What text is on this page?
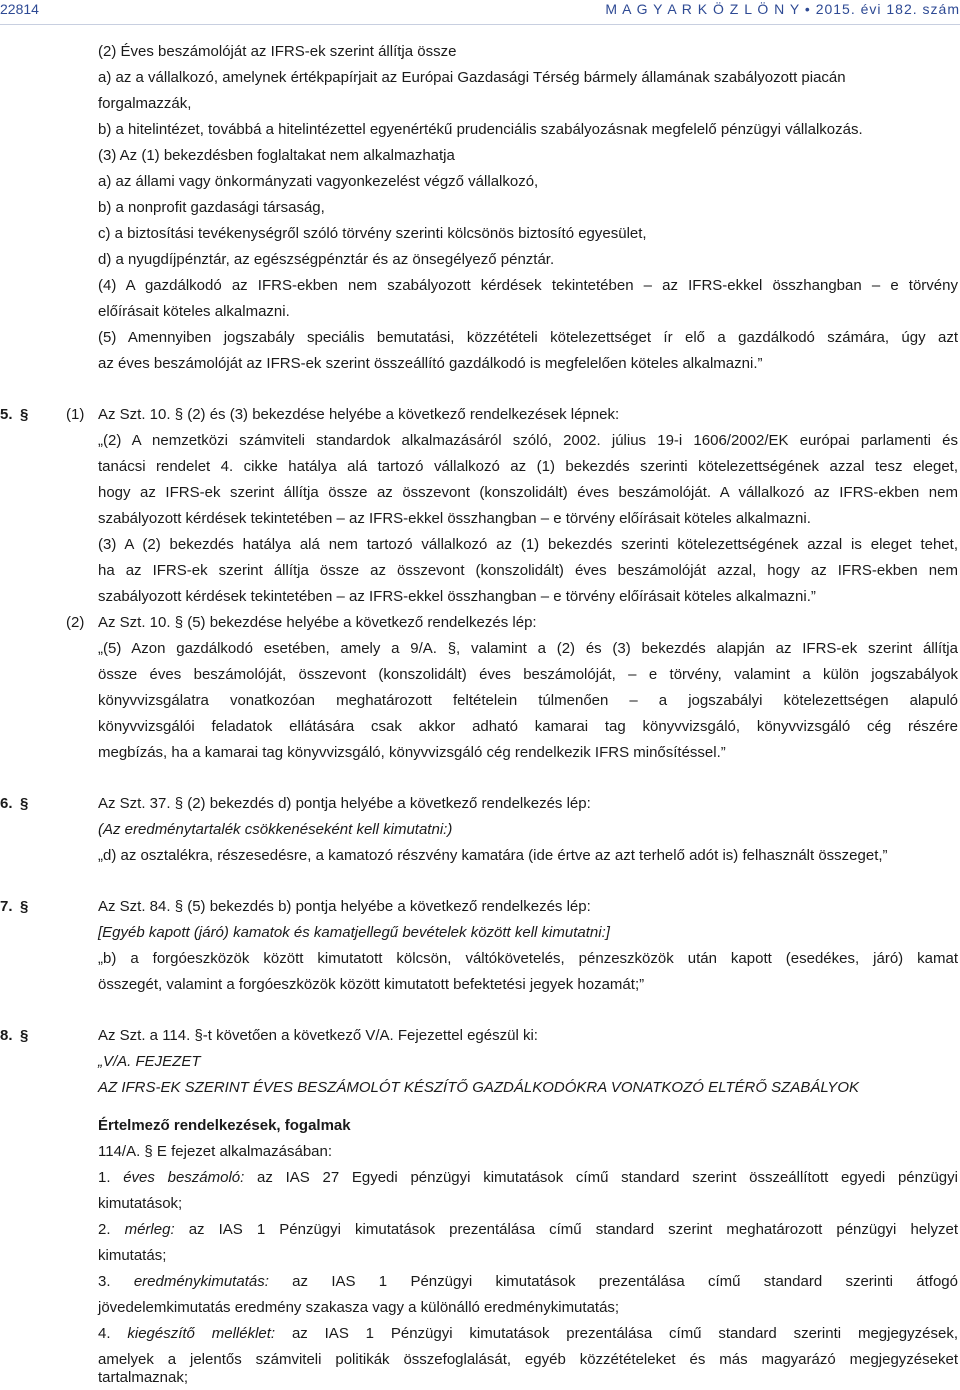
22814	M A G Y A R K Ö Z L Ö N Y • 2015. évi 182. szám
(2) Éves beszámolóját az IFRS-ek szerint állítja össze
a) az a vállalkozó, amelynek értékpapírjait az Európai Gazdasági Térség bármely államának szabályozott piacán
forgalmazzák,
b) a hitelintézet, továbbá a hitelintézettel egyenértékű prudenciális szabályozásnak megfelelő pénzügyi vállalkozás.
(3) Az (1) bekezdésben foglaltakat nem alkalmazhatja
a) az állami vagy önkormányzati vagyonkezelést végző vállalkozó,
b) a nonprofit gazdasági társaság,
c) a biztosítási tevékenységről szóló törvény szerinti kölcsönös biztosító egyesület,
d) a nyugdíjpénztár, az egészségpénztár és az önsegélyező pénztár.
(4) A gazdálkodó az IFRS-ekben nem szabályozott kérdések tekintetében – az IFRS-ekkel összhangban – e törvény
előírásait köteles alkalmazni.
(5) Amennyiben jogszabály speciális bemutatási, közzétételi kötelezettséget ír elő a gazdálkodó számára, úgy azt
az éves beszámolóját az IFRS-ek szerint összeállító gazdálkodó is megfelelően köteles alkalmazni.”
5. §	(1) Az Szt. 10. § (2) és (3) bekezdése helyébe a következő rendelkezések lépnek:
„(2) A nemzetközi számviteli standardok alkalmazásáról szóló, 2002. július 19-i 1606/2002/EK európai parlamenti és
tanácsi rendelet 4. cikke hatálya alá tartozó vállalkozó az (1) bekezdés szerinti kötelezettségének azzal tesz eleget,
hogy az IFRS-ek szerint állítja össze az összevont (konszolidált) éves beszámolóját. A vállalkozó az IFRS-ekben nem
szabályozott kérdések tekintetében – az IFRS-ekkel összhangban – e törvény előírásait köteles alkalmazni.
(3) A (2) bekezdés hatálya alá nem tartozó vállalkozó az (1) bekezdés szerinti kötelezettségének azzal is eleget tehet,
ha az IFRS-ek szerint állítja össze az összevont (konszolidált) éves beszámolóját azzal, hogy az IFRS-ekben nem
szabályozott kérdések tekintetében – az IFRS-ekkel összhangban – e törvény előírásait köteles alkalmazni.”
(2) Az Szt. 10. § (5) bekezdése helyébe a következő rendelkezés lép:
„(5) Azon gazdálkodó esetében, amely a 9/A. §, valamint a (2) és (3) bekezdés alapján az IFRS-ek szerint állítja
össze éves beszámolóját, összevont (konszolidált) éves beszámolóját, – e törvény, valamint a külön jogszabályok
könyvvizsgálatra vonatkozóan meghatározott feltételein túlmenően – a jogszabályi kötelezettségen alapuló
könyvvizsgálói feladatok ellátására csak akkor adható kamarai tag könyvvizsgáló, könyvvizsgáló cég részére
megbízás, ha a kamarai tag könyvvizsgáló, könyvvizsgáló cég rendelkezik IFRS minősítéssel.”
6. §	Az Szt. 37. § (2) bekezdés d) pontja helyébe a következő rendelkezés lép:
(Az eredménytartalék csökkenéseként kell kimutatni:)
„d) az osztalékra, részesedésre, a kamatozó részvény kamatára (ide értve az azt terhelő adót is) felhasznált összeget,”
7. §	Az Szt. 84. § (5) bekezdés b) pontja helyébe a következő rendelkezés lép:
[Egyéb kapott (járó) kamatok és kamatjellegű bevételek között kell kimutatni:]
„b) a forgóeszközök között kimutatott kölcsön, váltókövetelés, pénzeszközök után kapott (esedékes, járó) kamat
összegét, valamint a forgóeszközök között kimutatott befektetési jegyek hozamát;”
8. §	Az Szt. a 114. §-t követően a következő V/A. Fejezettel egészül ki:
„V/A. FEJEZET
AZ IFRS-EK SZERINT ÉVES BESZÁMOLÓT KÉSZÍTŐ GAZDÁLKODÓKRA VONATKOZÓ ELTÉRŐ SZABÁLYOK
Értelmező rendelkezések, fogalmak
114/A. § E fejezet alkalmazásában:
1. éves beszámoló: az IAS 27 Egyedi pénzügyi kimutatások című standard szerint összeállított egyedi pénzügyi
kimutatások;
2. mérleg: az IAS 1 Pénzügyi kimutatások prezentálása című standard szerint meghatározott pénzügyi helyzet
kimutatás;
3. eredménykimutatás: az IAS 1 Pénzügyi kimutatások prezentálása című standard szerinti átfogó
jövedelemkimutatás eredmény szakasza vagy a különálló eredménykimutatás;
4. kiegészítő melléklet: az IAS 1 Pénzügyi kimutatások prezentálása című standard szerinti megjegyzések,
amelyek a jelentős számviteli politikák összefoglalását, egyéb közzétételeket és más magyarázó megjegyzéseket
tartalmaznak;
